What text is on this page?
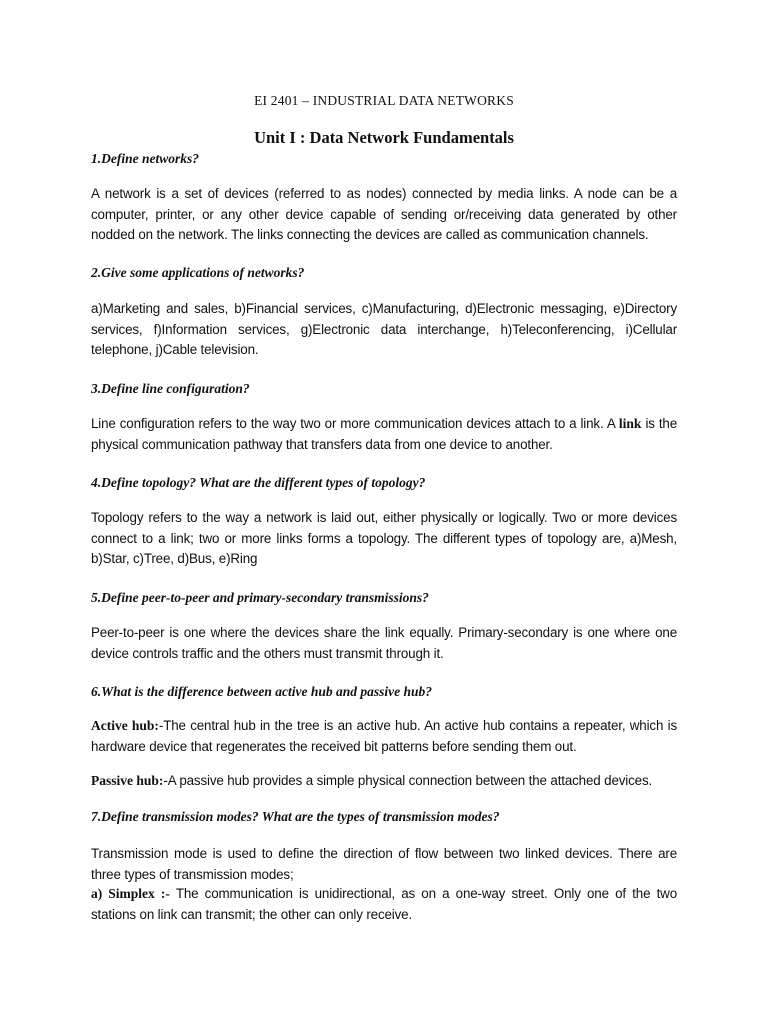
EI 2401 – INDUSTRIAL DATA NETWORKS
Unit I : Data Network Fundamentals
1.Define networks?
A network is a set of devices (referred to as nodes) connected by media links. A node can be a computer, printer, or any other device capable of sending or/receiving data generated by other nodded on the network. The links connecting the devices are called as communication channels.
2.Give some applications of networks?
a)Marketing and sales, b)Financial services, c)Manufacturing, d)Electronic messaging, e)Directory services, f)Information services, g)Electronic data interchange, h)Teleconferencing, i)Cellular telephone, j)Cable television.
3.Define line configuration?
Line configuration refers to the way two or more communication devices attach to a link. A link is the physical communication pathway that transfers data from one device to another.
4.Define topology? What are the different types of topology?
Topology refers to the way a network is laid out, either physically or logically. Two or more devices connect to a link; two or more links forms a topology. The different types of topology are, a)Mesh, b)Star, c)Tree, d)Bus, e)Ring
5.Define peer-to-peer and primary-secondary transmissions?
Peer-to-peer is one where the devices share the link equally. Primary-secondary is one where one device controls traffic and the others must transmit through it.
6.What is the difference between active hub and passive hub?
Active hub:-The central hub in the tree is an active hub. An active hub contains a repeater, which is hardware device that regenerates the received bit patterns before sending them out.
Passive hub:-A passive hub provides a simple physical connection between the attached devices.
7.Define transmission modes? What are the types of transmission modes?
Transmission mode is used to define the direction of flow between two linked devices. There are three types of transmission modes;
a) Simplex :- The communication is unidirectional, as on a one-way street. Only one of the two stations on link can transmit; the other can only receive.
